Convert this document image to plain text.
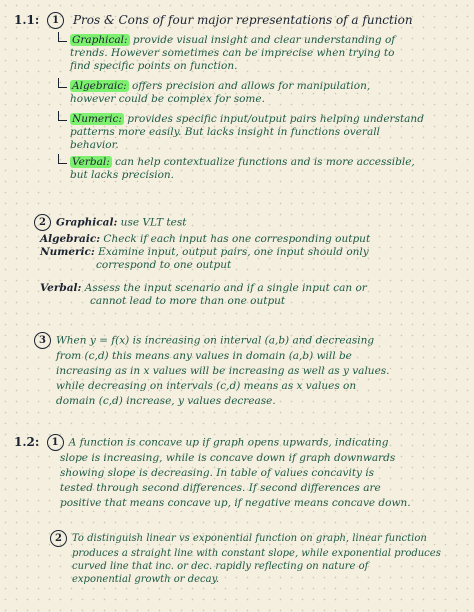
1.1: 1 Pros & Cons of four major representations of a function
Graphical: provide visual insight and clear understanding of
trends. However sometimes can be imprecise when trying to
find specific points on function.
Algebraic: offers precision and allows for manipulation,
however could be complex for some.
Numeric: provides specific input/output pairs helping understand
patterns more easily. But lacks insight in functions overall
behavior.
Verbal: can help contextualize functions and is more accessible,
but lacks precision.
2 Graphical: use VLT test
Algebraic: Check if each input has one corresponding output
Numeric: Examine input, output pairs, one input should only
correspond to one output
Verbal: Assess the input scenario and if a single input can or
cannot lead to more than one output
3 When y = f(x) is increasing on interval (a,b) and decreasing
from (c,d) this means any values in domain (a,b) will be
increasing as in x values will be increasing as well as y values.
while decreasing on intervals (c,d) means as x values on
domain (c,d) increase, y values decrease.
1.2: 1 A function is concave up if graph opens upwards, indicating
slope is increasing, while is concave down if graph downwards
showing slope is decreasing. In table of values concavity is
tested through second differences. If second differences are
positive that means concave up, if negative means concave down.
2 To distinguish linear vs exponential function on graph, linear function
produces a straight line with constant slope, while exponential produces
curved line that inc. or dec. rapidly reflecting on nature of
exponential growth or decay.
